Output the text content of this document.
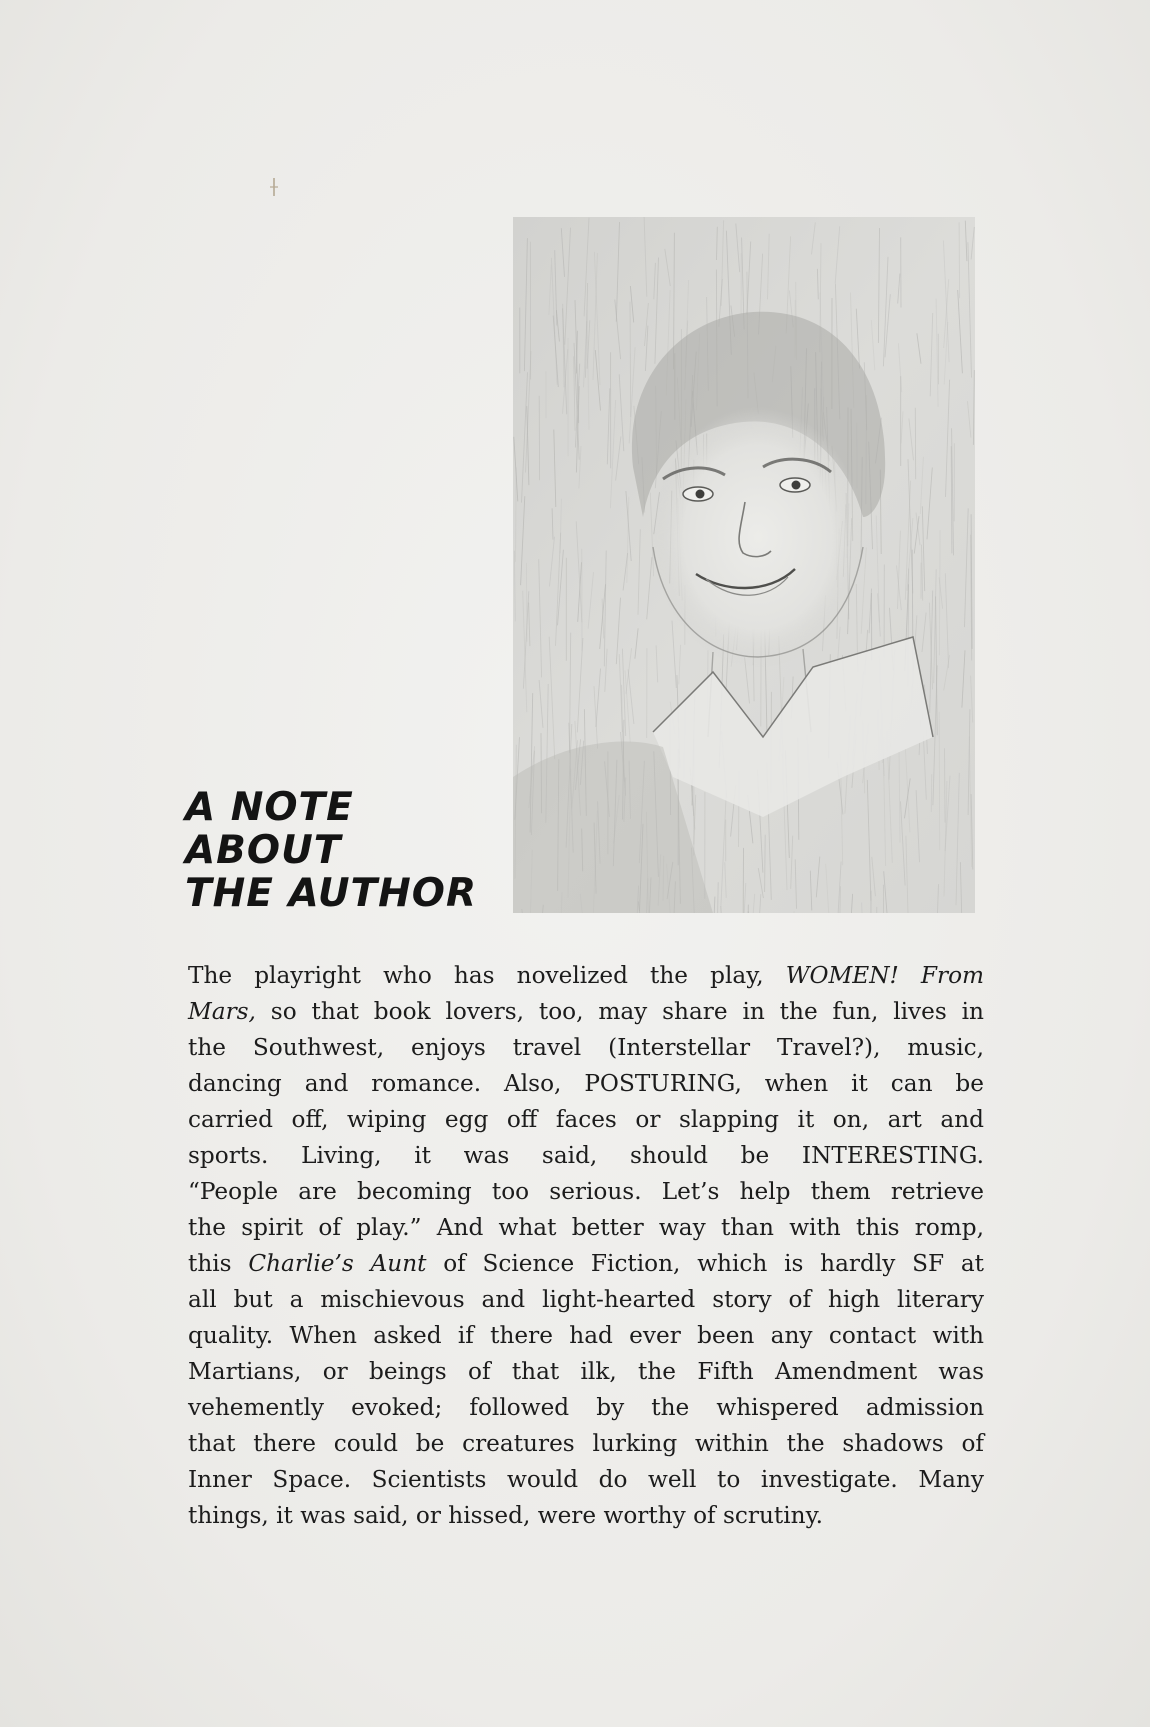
A NOTE
ABOUT
THE AUTHOR
The playright who has novelized the play, WOMEN! From
Mars, so that book lovers, too, may share in the fun, lives in
the Southwest, enjoys travel (Interstellar Travel?), music,
dancing and romance. Also, POSTURING, when it can be
carried off, wiping egg off faces or slapping it on, art and
sports. Living, it was said, should be INTERESTING.
“People are becoming too serious. Let’s help them retrieve
the spirit of play.” And what better way than with this romp,
this Charlie’s Aunt of Science Fiction, which is hardly SF at
all but a mischievous and light-hearted story of high literary
quality. When asked if there had ever been any contact with
Martians, or beings of that ilk, the Fifth Amendment was
vehemently evoked; followed by the whispered admission
that there could be creatures lurking within the shadows of
Inner Space. Scientists would do well to investigate. Many
things, it was said, or hissed, were worthy of scrutiny.
